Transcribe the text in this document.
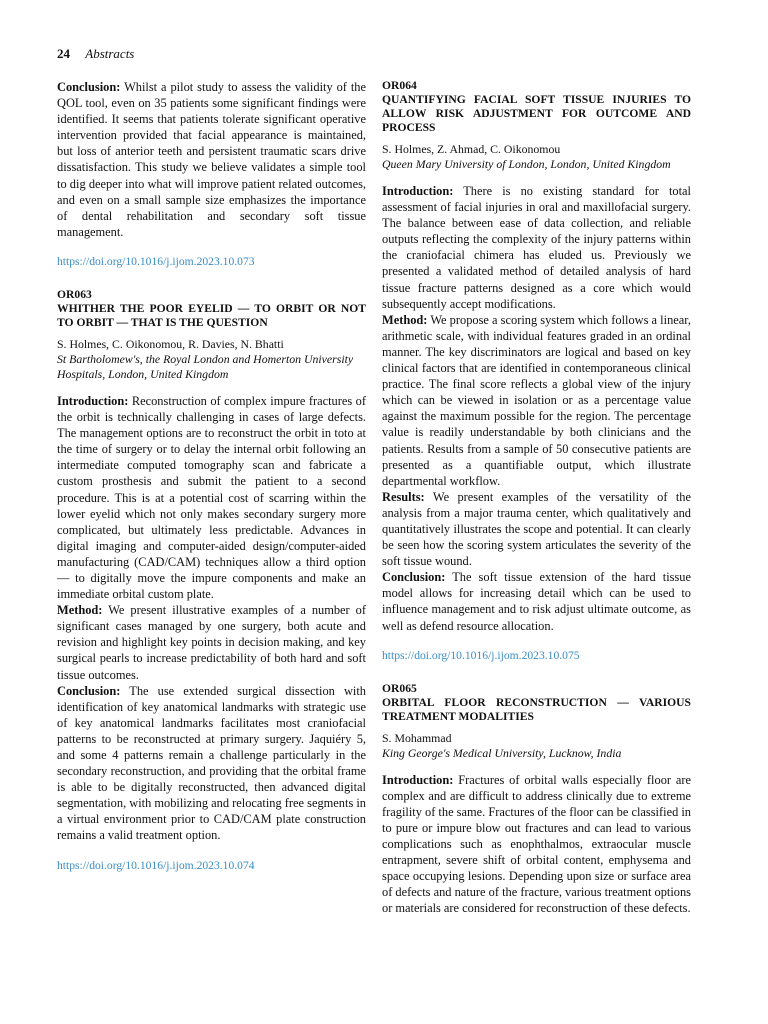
24 Abstracts

Conclusion: Whilst a pilot study to assess the validity of the QOL tool, even on 35 patients some significant findings were identified. It seems that patients tolerate significant operative intervention provided that facial appearance is maintained, but loss of anterior teeth and persistent traumatic scars drive dissatisfaction. This study we believe validates a simple tool to dig deeper into what will improve patient related outcomes, and even on a small sample size emphasizes the importance of dental rehabilitation and secondary soft tissue management.

https://doi.org/10.1016/j.ijom.2023.10.073

OR063

WHITHER THE POOR EYELID — TO ORBIT OR NOT TO ORBIT — THAT IS THE QUESTION

S. Holmes, C. Oikonomou, R. Davies, N. Bhatti

St Bartholomew's, the Royal London and Homerton University Hospitals, London, United Kingdom

Introduction: Reconstruction of complex impure fractures of the orbit is technically challenging in cases of large defects. The management options are to reconstruct the orbit in toto at the time of surgery or to delay the internal orbit following an intermediate computed tomography scan and fabricate a custom prosthesis and submit the patient to a second procedure. This is at a potential cost of scarring within the lower eyelid which not only makes secondary surgery more complicated, but ultimately less predictable. Advances in digital imaging and computer-aided design/computer-aided manufacturing (CAD/CAM) techniques allow a third option — to digitally move the impure components and make an immediate orbital custom plate.

Method: We present illustrative examples of a number of significant cases managed by one surgery, both acute and revision and highlight key points in decision making, and key surgical pearls to increase predictability of both hard and soft tissue outcomes.

Conclusion: The use extended surgical dissection with identification of key anatomical landmarks with strategic use of key anatomical landmarks facilitates most craniofacial patterns to be reconstructed at primary surgery. Jaquiéry 5, and some 4 patterns remain a challenge particularly in the secondary reconstruction, and providing that the orbital frame is able to be digitally reconstructed, then advanced digital segmentation, with mobilizing and relocating free segments in a virtual environment prior to CAD/CAM plate construction remains a valid treatment option.

https://doi.org/10.1016/j.ijom.2023.10.074

OR064

QUANTIFYING FACIAL SOFT TISSUE INJURIES TO ALLOW RISK ADJUSTMENT FOR OUTCOME AND PROCESS

S. Holmes, Z. Ahmad, C. Oikonomou

Queen Mary University of London, London, United Kingdom

Introduction: There is no existing standard for total assessment of facial injuries in oral and maxillofacial surgery. The balance between ease of data collection, and reliable outputs reflecting the complexity of the injury patterns within the craniofacial chimera has eluded us. Previously we presented a validated method of detailed analysis of hard tissue fracture patterns designed as a core which would subsequently accept modifications.

Method: We propose a scoring system which follows a linear, arithmetic scale, with individual features graded in an ordinal manner. The key discriminators are logical and based on key clinical factors that are identified in contemporaneous clinical practice. The final score reflects a global view of the injury which can be viewed in isolation or as a percentage value against the maximum possible for the region. The percentage value is readily understandable by both clinicians and the patients. Results from a sample of 50 consecutive patients are presented as a quantifiable output, which illustrate departmental workflow.

Results: We present examples of the versatility of the analysis from a major trauma center, which qualitatively and quantitatively illustrates the scope and potential. It can clearly be seen how the scoring system articulates the severity of the soft tissue wound.

Conclusion: The soft tissue extension of the hard tissue model allows for increasing detail which can be used to influence management and to risk adjust ultimate outcome, as well as defend resource allocation.

https://doi.org/10.1016/j.ijom.2023.10.075

OR065

ORBITAL FLOOR RECONSTRUCTION — VARIOUS TREATMENT MODALITIES

S. Mohammad

King George's Medical University, Lucknow, India

Introduction: Fractures of orbital walls especially floor are complex and are difficult to address clinically due to extreme fragility of the same. Fractures of the floor can be classified in to pure or impure blow out fractures and can lead to various complications such as enophthalmos, extraocular muscle entrapment, severe shift of orbital content, emphysema and space occupying lesions. Depending upon size or surface area of defects and nature of the fracture, various treatment options or materials are considered for reconstruction of these defects.
